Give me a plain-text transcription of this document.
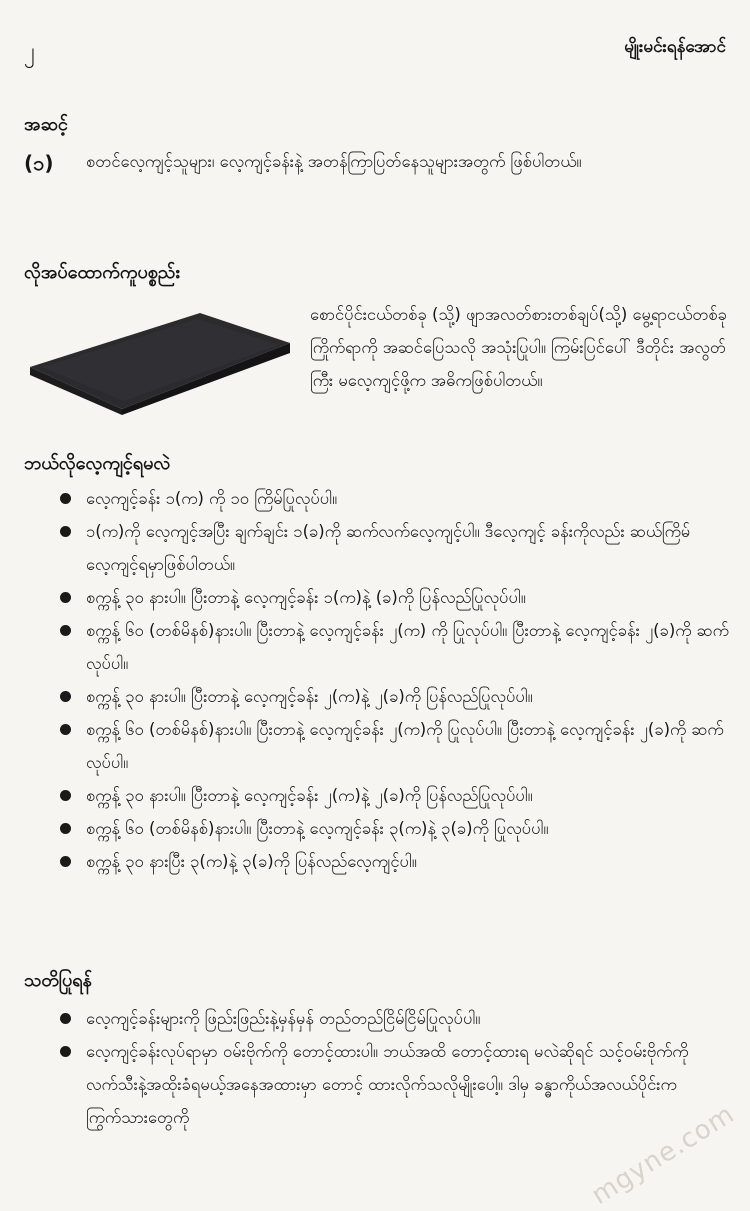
၂	မျိုးမင်းရန်အောင်
အဆင့်
(၁) စတင်လေ့ကျင့်သူများ၊ လေ့ကျင့်ခန်းနဲ့ အတန်ကြာပြတ်နေသူများအတွက် ဖြစ်ပါတယ်။

လိုအပ်ထောက်ကူပစ္စည်း

စောင်ပိုင်းငယ်တစ်ခု (သို့) ဖျာအလတ်စားတစ်ချပ်(သို့) မွေ့ရာငယ်တစ်ခု ကြိုက်ရာကို အဆင်ပြေသလို အသုံးပြုပါ။ ကြမ်းပြင်ပေါ် ဒီတိုင်း အလွတ်ကြီး မလေ့ကျင့်ဖို့က အဓိကဖြစ်ပါတယ်။

ဘယ်လိုလေ့ကျင့်ရမလဲ
လေ့ကျင့်ခန်း ၁(က) ကို ၁၀ ကြိမ်ပြုလုပ်ပါ။
၁(က)ကို လေ့ကျင့်အပြီး ချက်ချင်း ၁(ခ)ကို ဆက်လက်လေ့ကျင့်ပါ။ ဒီလေ့ကျင့် ခန်းကိုလည်း ဆယ်ကြိမ် လေ့ကျင့်ရမှာဖြစ်ပါတယ်။
စက္ကန့် ၃၀ နားပါ။ ပြီးတာနဲ့ လေ့ကျင့်ခန်း ၁(က)နဲ့ (ခ)ကို ပြန်လည်ပြုလုပ်ပါ။
စက္ကန့် ၆၀ (တစ်မိနစ်)နားပါ။ ပြီးတာနဲ့ လေ့ကျင့်ခန်း ၂(က) ကို ပြုလုပ်ပါ။ ပြီးတာနဲ့ လေ့ကျင့်ခန်း ၂(ခ)ကို ဆက်လုပ်ပါ။
စက္ကန့် ၃၀ နားပါ။ ပြီးတာနဲ့ လေ့ကျင့်ခန်း ၂(က)နဲ့ ၂(ခ)ကို ပြန်လည်ပြုလုပ်ပါ။
စက္ကန့် ၆၀ (တစ်မိနစ်)နားပါ။ ပြီးတာနဲ့ လေ့ကျင့်ခန်း ၂(က)ကို ပြုလုပ်ပါ။ ပြီးတာနဲ့ လေ့ကျင့်ခန်း ၂(ခ)ကို ဆက်လုပ်ပါ။
စက္ကန့် ၃၀ နားပါ။ ပြီးတာနဲ့ လေ့ကျင့်ခန်း ၂(က)နဲ့ ၂(ခ)ကို ပြန်လည်ပြုလုပ်ပါ။
စက္ကန့် ၆၀ (တစ်မိနစ်)နားပါ။ ပြီးတာနဲ့ လေ့ကျင့်ခန်း ၃(က)နဲ့ ၃(ခ)ကို ပြုလုပ်ပါ။
စက္ကန့် ၃၀ နားပြီး ၃(က)နဲ့ ၃(ခ)ကို ပြန်လည်လေ့ကျင့်ပါ။
သတိပြုရန်
လေ့ကျင့်ခန်းများကို ဖြည်းဖြည်းနဲ့မှန်မှန် တည်တည်ငြိမ်ငြိမ်ပြုလုပ်ပါ။
လေ့ကျင့်ခန်းလုပ်ရာမှာ ဝမ်းဗိုက်ကို တောင့်ထားပါ။ ဘယ်အထိ တောင့်ထားရ မလဲဆိုရင် သင့်ဝမ်းဗိုက်ကို လက်သီးနဲ့အထိုးခံရမယ့်အနေအထားမှာ တောင့် ထားလိုက်သလိုမျိုးပေါ့။ ဒါမှ ခန္ဓာကိုယ်အလယ်ပိုင်းက ကြွက်သားတွေကို	mgyne.com
